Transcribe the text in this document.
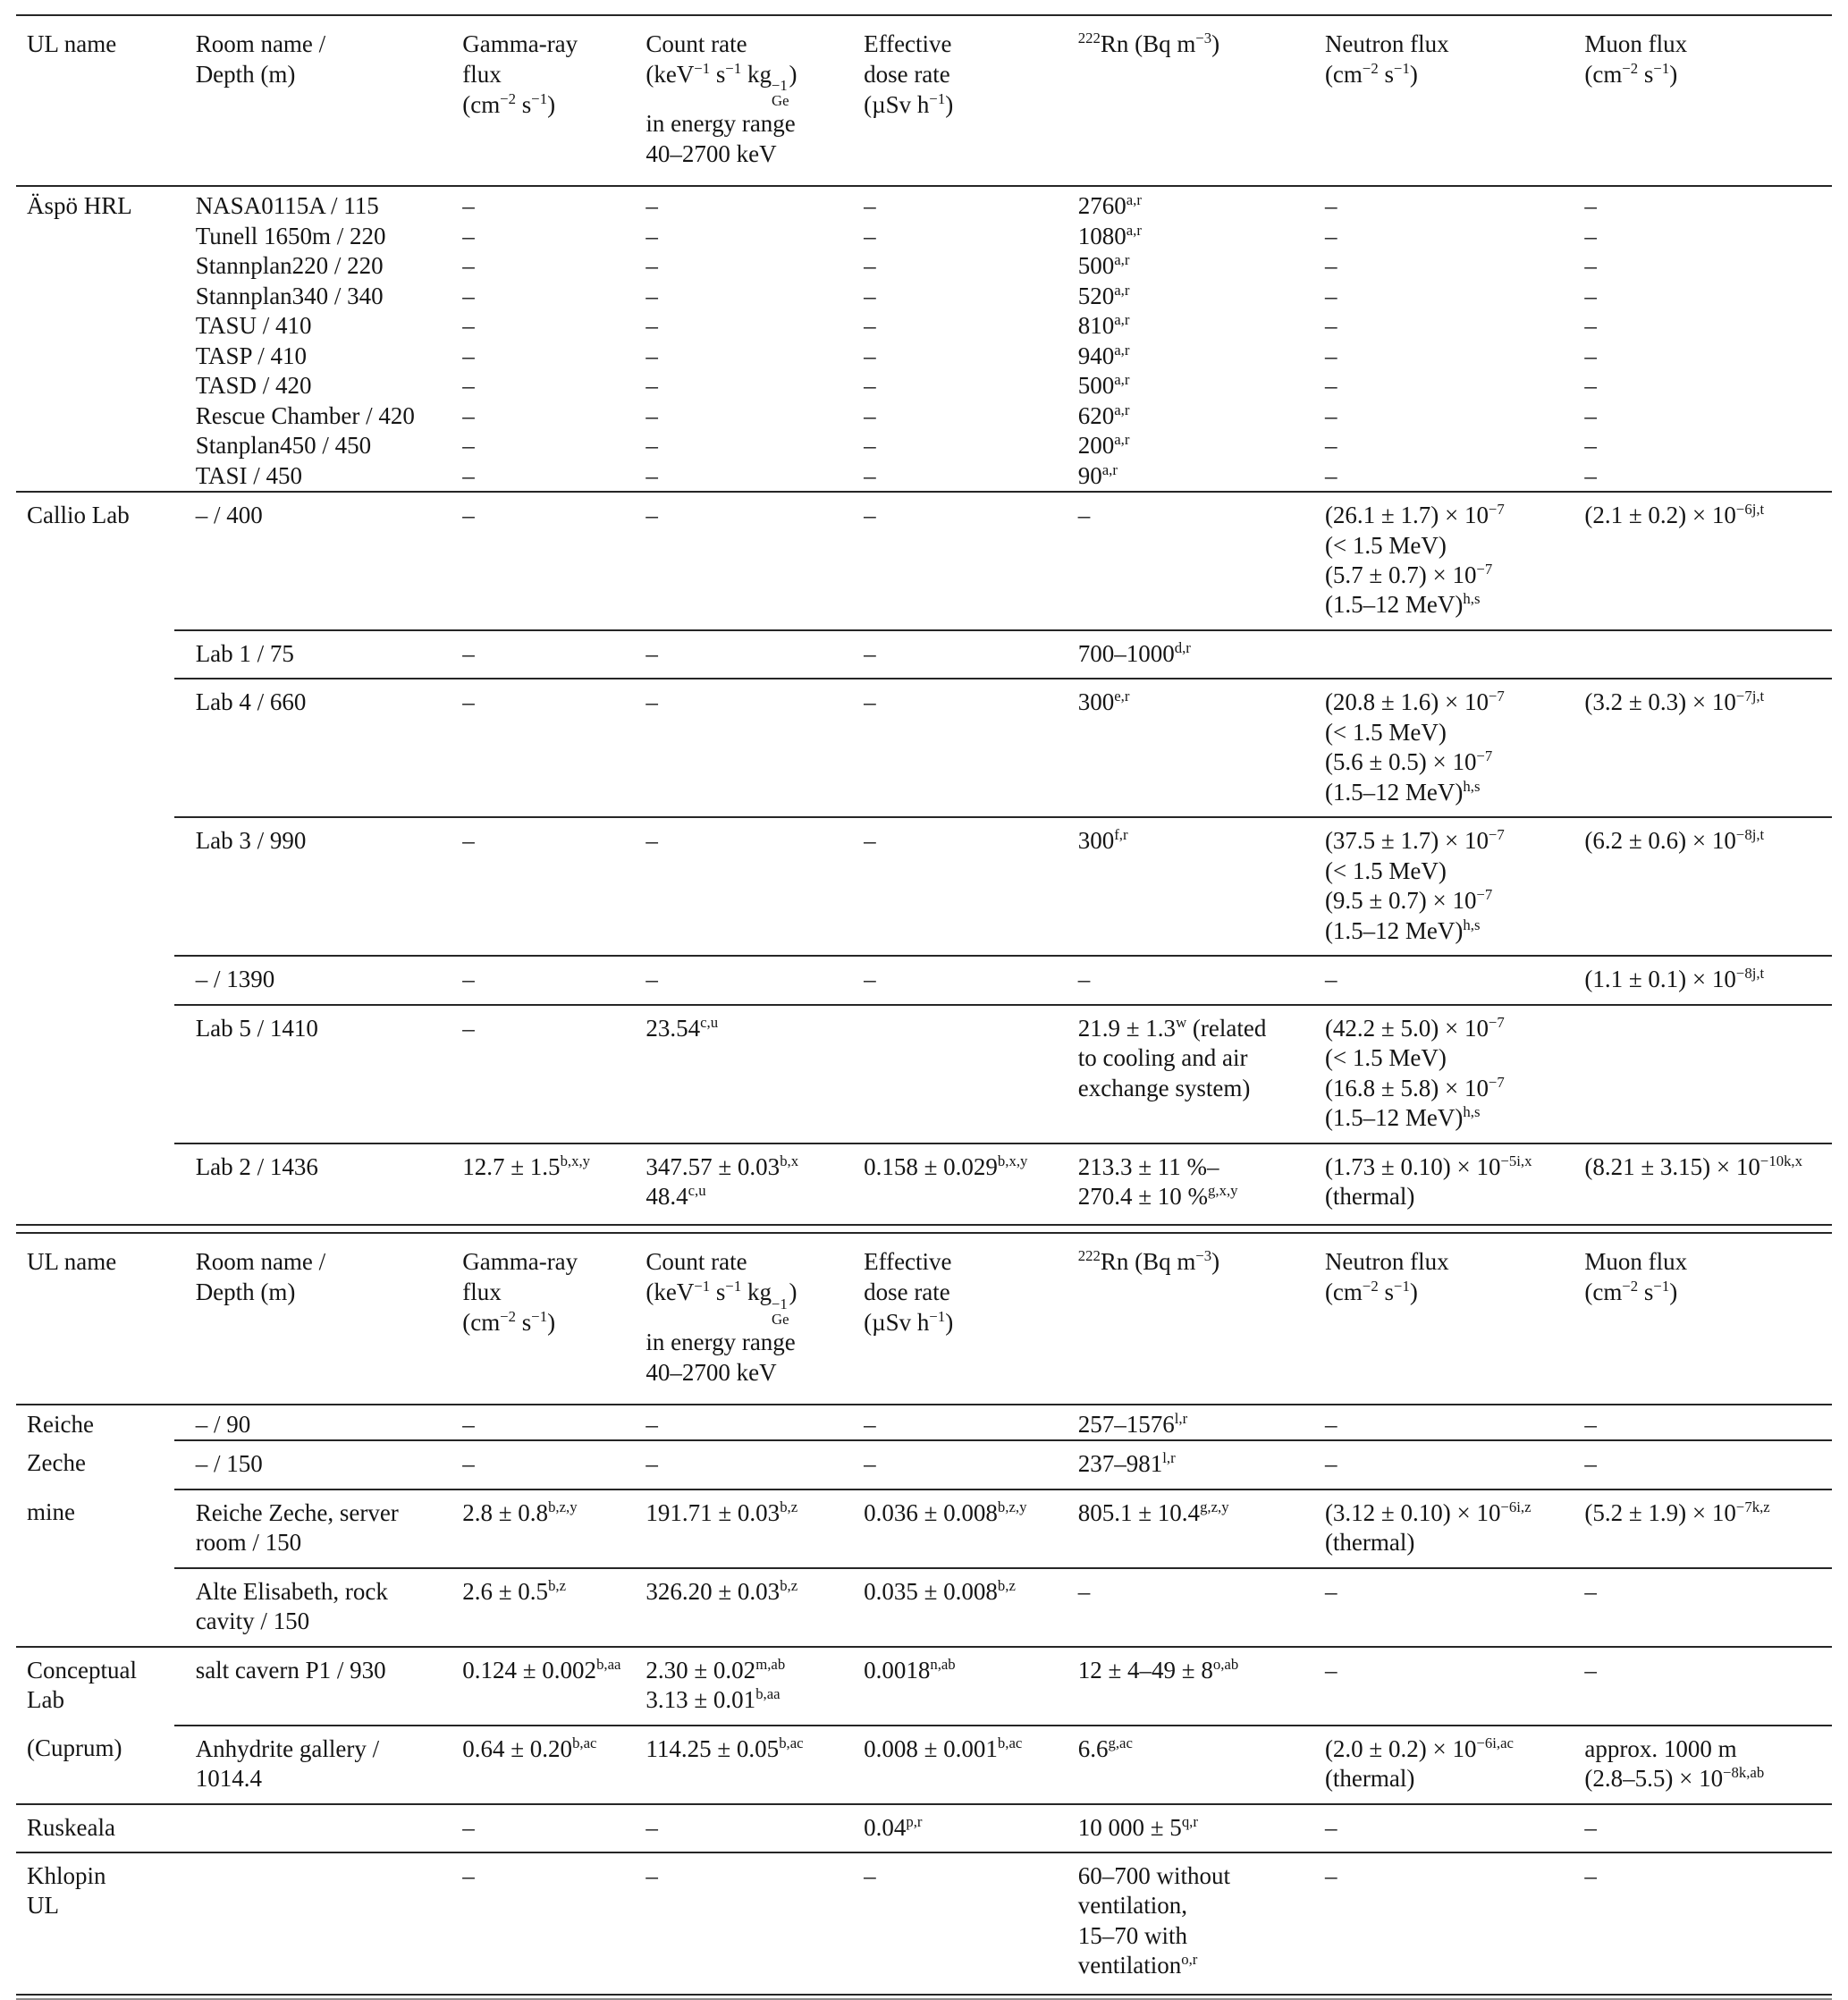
UL name	Room name /
Depth (m)	Gamma-ray
flux
($cm^{-2}$ $s^{-1}$)	Count rate
(keV$^{-1}$ $s^{-1}$ kg −1
Ge
)
in energy range
40–2700 keV	Effective
dose rate
(µSv $h^{-1}$)	$^{222}$Rn (Bq $m^{-3}$)	Neutron flux
($cm^{-2}$ $s^{-1}$)	Muon flux
($cm^{-2}$ $s^{-1}$)
Äspö HRL	NASA0115A / 115	–	–	–	2760$^{a,r}$	–	–
	Tunell 1650m / 220	–	–	–	1080$^{a,r}$	–	–
	Stannplan220 / 220	–	–	–	500$^{a,r}$	–	–
	Stannplan340 / 340	–	–	–	520$^{a,r}$	–	–
	TASU / 410	–	–	–	810$^{a,r}$	–	–
	TASP / 410	–	–	–	940$^{a,r}$	–	–
	TASD / 420	–	–	–	500$^{a,r}$	–	–
	Rescue Chamber / 420	–	–	–	620$^{a,r}$	–	–
	Stanplan450 / 450	–	–	–	200$^{a,r}$	–	–
	TASI / 450	–	–	–	90$^{a,r}$	–	–
Callio Lab	– / 400	–	–	–	–	$(26.1 \pm 1.7) \times 10^{-7}$
(< 1.5 MeV)
$(5.7 \pm 0.7) \times 10^{-7}$
(1.5–12 MeV)$^{h,s}$	$(2.1 \pm 0.2) \times 10^{-6j,t}$
	Lab 1 / 75	–	–	–	700–1000$^{d,r}$		
	Lab 4 / 660	–	–	–	300$^{e,r}$	$(20.8 \pm 1.6) \times 10^{-7}$
(< 1.5 MeV)
$(5.6 \pm 0.5) \times 10^{-7}$
(1.5–12 MeV)$^{h,s}$	$(3.2 \pm 0.3) \times 10^{-7j,t}$
	Lab 3 / 990	–	–	–	300$^{f,r}$	$(37.5 \pm 1.7) \times 10^{-7}$
(< 1.5 MeV)
$(9.5 \pm 0.7) \times 10^{-7}$
(1.5–12 MeV)$^{h,s}$	$(6.2 \pm 0.6) \times 10^{-8j,t}$
	– / 1390	–	–	–	–	–	$(1.1 \pm 0.1) \times 10^{-8j,t}$
	Lab 5 / 1410	–	23.54$^{c,u}$		$21.9 \pm 1.3^w$ (related
to cooling and air
exchange system)	$(42.2 \pm 5.0) \times 10^{-7}$
(< 1.5 MeV)
$(16.8 \pm 5.8) \times 10^{-7}$
(1.5–12 MeV)$^{h,s}$	
	Lab 2 / 1436	$12.7 \pm 1.5^{b,x,y}$	$347.57 \pm 0.03^{b,x}$
48.4$^{c,u}$	$0.158 \pm 0.029^{b,x,y}$	213.3 ± 11 %–
270.4 ± 10 %$^{g,x,y}$	$(1.73 \pm 0.10) \times 10^{-5i,x}$
(thermal)	$(8.21 \pm 3.15) \times 10^{-10k,x}$
UL name	Room name /
Depth (m)	Gamma-ray
flux
($cm^{-2}$ $s^{-1}$)	Count rate
(keV$^{-1}$ $s^{-1}$ kg −1
Ge
)
in energy range
40–2700 keV	Effective
dose rate
(µSv $h^{-1}$)	$^{222}$Rn (Bq $m^{-3}$)	Neutron flux
($cm^{-2}$ $s^{-1}$)	Muon flux
($cm^{-2}$ $s^{-1}$)
Reiche	– / 90	–	–	–	257–1576$^{l,r}$	–	–
Zeche	– / 150	–	–	–	237–981$^{l,r}$	–	–
mine	Reiche Zeche, server
room / 150	$2.8 \pm 0.8^{b,z,y}$	$191.71 \pm 0.03^{b,z}$	$0.036 \pm 0.008^{b,z,y}$	$805.1 \pm 10.4^{g,z,y}$	$(3.12 \pm 0.10) \times 10^{-6i,z}$
(thermal)	$(5.2 \pm 1.9) \times 10^{-7k,z}$
	Alte Elisabeth, rock
cavity / 150	$2.6 \pm 0.5^{b,z}$	$326.20 \pm 0.03^{b,z}$	$0.035 \pm 0.008^{b,z}$	–	–	–
Conceptual
Lab	salt cavern P1 / 930	$0.124 \pm 0.002^{b,aa}$	$2.30 \pm 0.02^{m,ab}$
$3.13 \pm 0.01^{b,aa}$	$0.0018^{n,ab}$	$12 \pm 4-49 \pm 8^{o,ab}$	–	–
(Cuprum)	Anhydrite gallery /
1014.4	$0.64 \pm 0.20^{b,ac}$	$114.25 \pm 0.05^{b,ac}$	$0.008 \pm 0.001^{b,ac}$	$6.6^{g,ac}$	$(2.0 \pm 0.2) \times 10^{-6i,ac}$
(thermal)	approx. 1000 m
$(2.8-5.5) \times 10^{-8k,ab}$
Ruskeala		–	–	0.04$^{p,r}$	10 $000 \pm 5^{q,r}$	–	–
Khlopin
UL		–	–	–	60–700 without
ventilation,
15–70 with
ventilation$^{o,r}$	–	–
